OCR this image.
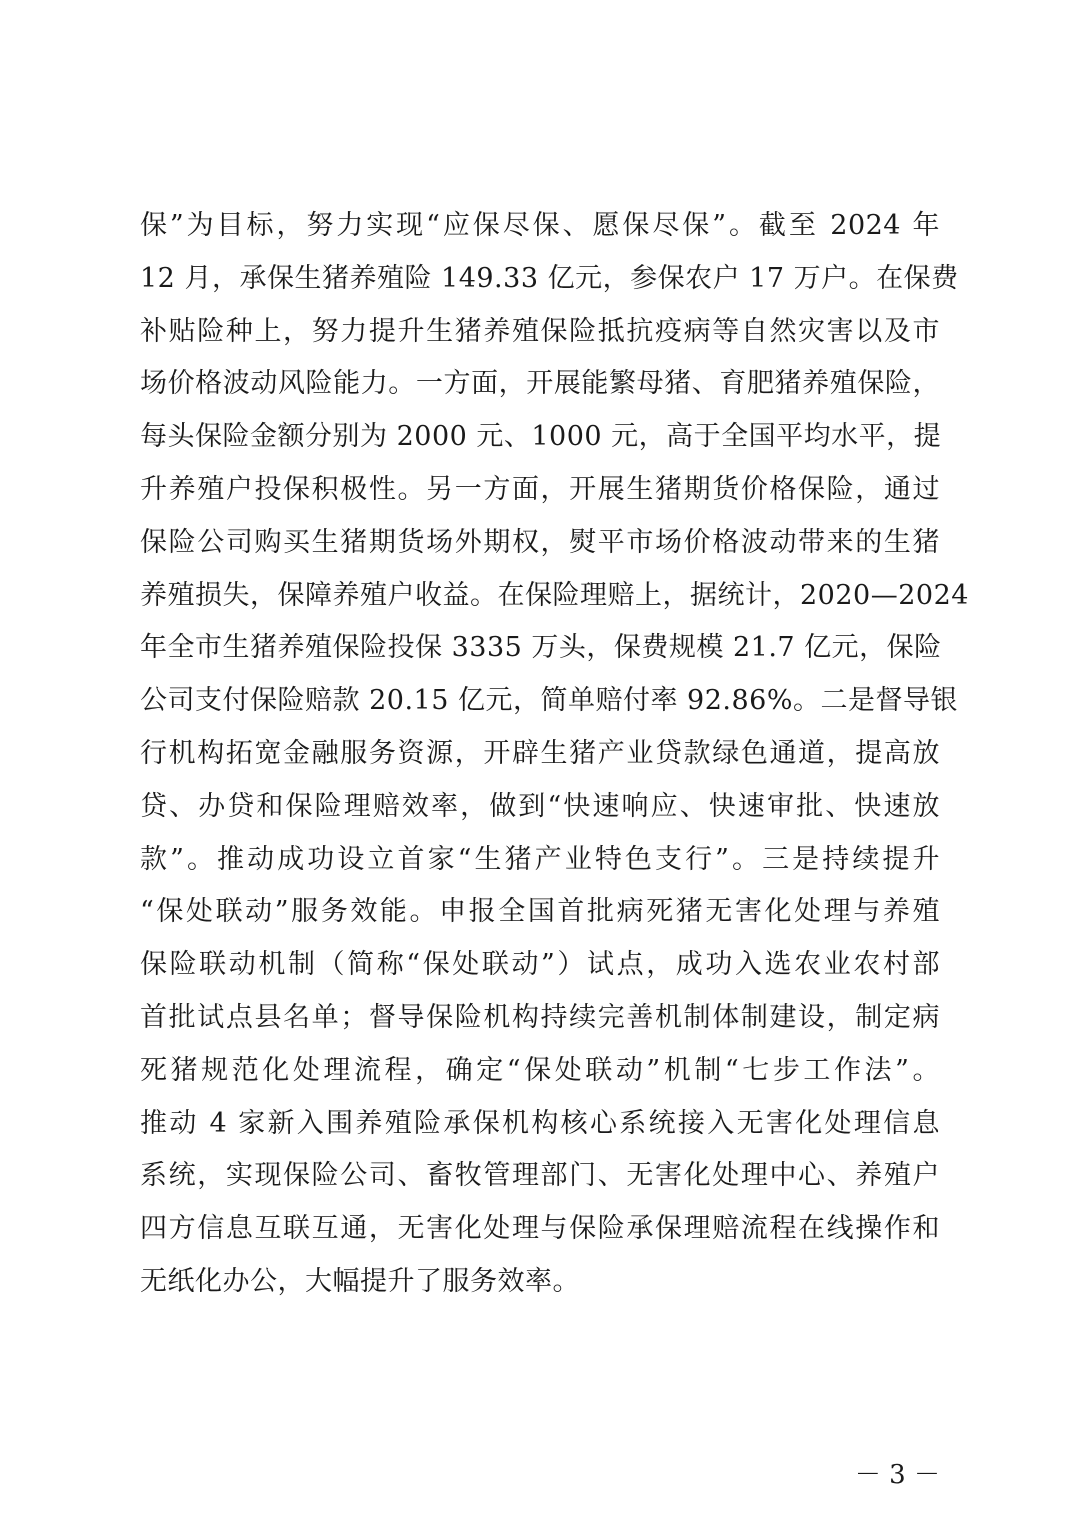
保”为目标，努力实现“应保尽保、愿保尽保”。截至 2024 年
12 月，承保生猪养殖险 149.33 亿元，参保农户 17 万户。在保费
补贴险种上，努力提升生猪养殖保险抵抗疫病等自然灾害以及市
场价格波动风险能力。一方面，开展能繁母猪、育肥猪养殖保险，
每头保险金额分别为 2000 元、1000 元，高于全国平均水平，提
升养殖户投保积极性。另一方面，开展生猪期货价格保险，通过
保险公司购买生猪期货场外期权，熨平市场价格波动带来的生猪
养殖损失，保障养殖户收益。在保险理赔上，据统计，2020—2024
年全市生猪养殖保险投保 3335 万头，保费规模 21.7 亿元，保险
公司支付保险赔款 20.15 亿元，简单赔付率 92.86%。二是督导银
行机构拓宽金融服务资源，开辟生猪产业贷款绿色通道，提高放
贷、办贷和保险理赔效率，做到“快速响应、快速审批、快速放
款”。推动成功设立首家“生猪产业特色支行”。三是持续提升
“保处联动”服务效能。申报全国首批病死猪无害化处理与养殖
保险联动机制（简称“保处联动”）试点，成功入选农业农村部
首批试点县名单；督导保险机构持续完善机制体制建设，制定病
死猪规范化处理流程，确定“保处联动”机制“七步工作法”。
推动 4 家新入围养殖险承保机构核心系统接入无害化处理信息
系统，实现保险公司、畜牧管理部门、无害化处理中心、养殖户
四方信息互联互通，无害化处理与保险承保理赔流程在线操作和
无纸化办公，大幅提升了服务效率。
－ 3 －
